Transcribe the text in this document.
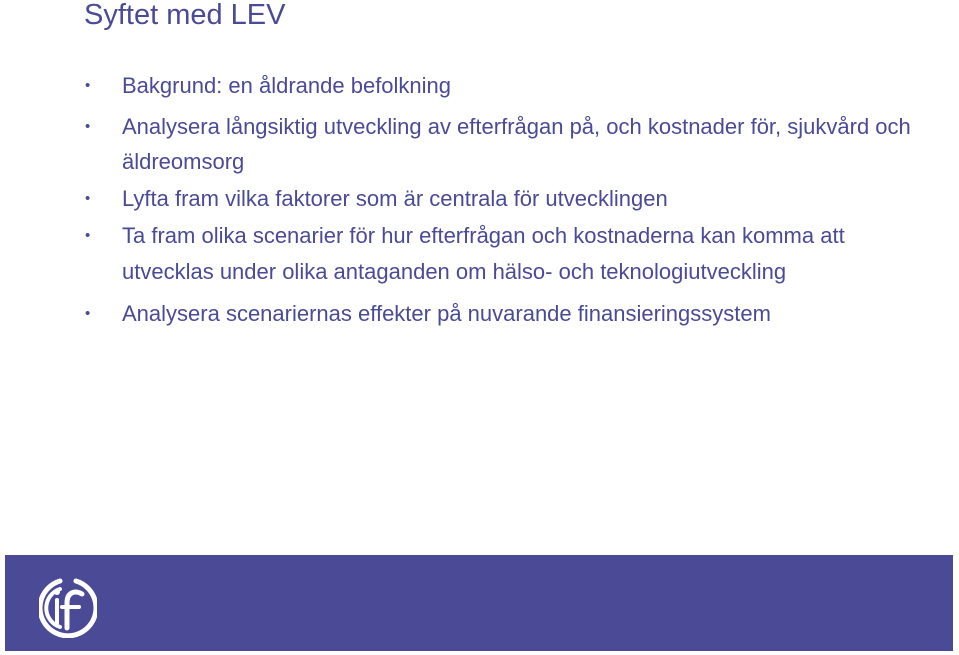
Syftet med LEV
• Bakgrund: en åldrande befolkning
• Analysera långsiktig utveckling av efterfrågan på, och kostnader för, sjukvård och äldreomsorg
• Lyfta fram vilka faktorer som är centrala för utvecklingen
• Ta fram olika scenarier för hur efterfrågan och kostnaderna kan komma att utvecklas under olika antaganden om hälso- och teknologiutveckling
• Analysera scenariernas effekter på nuvarande finansieringssystem
